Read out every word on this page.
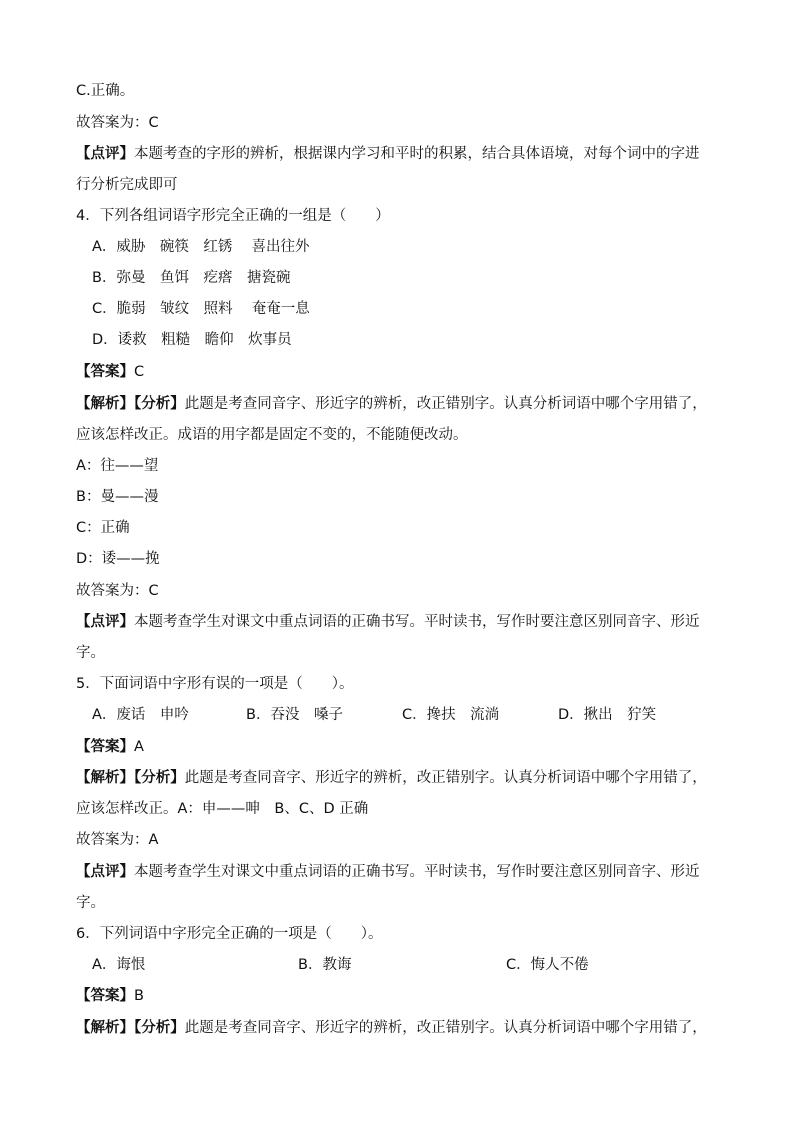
C.正确。
故答案为：C
【点评】本题考查的字形的辨析，根据课内学习和平时的积累，结合具体语境，对每个词中的字进
行分析完成即可
4．下列各组词语字形完全正确的一组是（　　）
A．威胁　碗筷　红锈　 喜出往外
B．弥曼　鱼饵　疙瘩　搪瓷碗
C．脆弱　皱纹　照料　 奄奄一息
D．诿救　粗糙　瞻仰　炊事员
【答案】C
【解析】【分析】此题是考查同音字、形近字的辨析，改正错别字。认真分析词语中哪个字用错了，
应该怎样改正。成语的用字都是固定不变的，不能随便改动。
A：往——望
B：曼——漫
C：正确
D：诿——挽
故答案为：C
【点评】本题考查学生对课文中重点词语的正确书写。平时读书，写作时要注意区别同音字、形近
字。
5．下面词语中字形有误的一项是（　　）。
A．废话　申吟	B．吞没　嗓子	C．搀扶　流淌	D．揪出　狞笑
【答案】A
【解析】【分析】此题是考查同音字、形近字的辨析，改正错别字。认真分析词语中哪个字用错了，
应该怎样改正。A：申——呻　B、C、D 正确
故答案为：A
【点评】本题考查学生对课文中重点词语的正确书写。平时读书，写作时要注意区别同音字、形近
字。
6．下列词语中字形完全正确的一项是（　　）。
A．诲恨	B．教诲	C．悔人不倦
【答案】B
【解析】【分析】此题是考查同音字、形近字的辨析，改正错别字。认真分析词语中哪个字用错了，
